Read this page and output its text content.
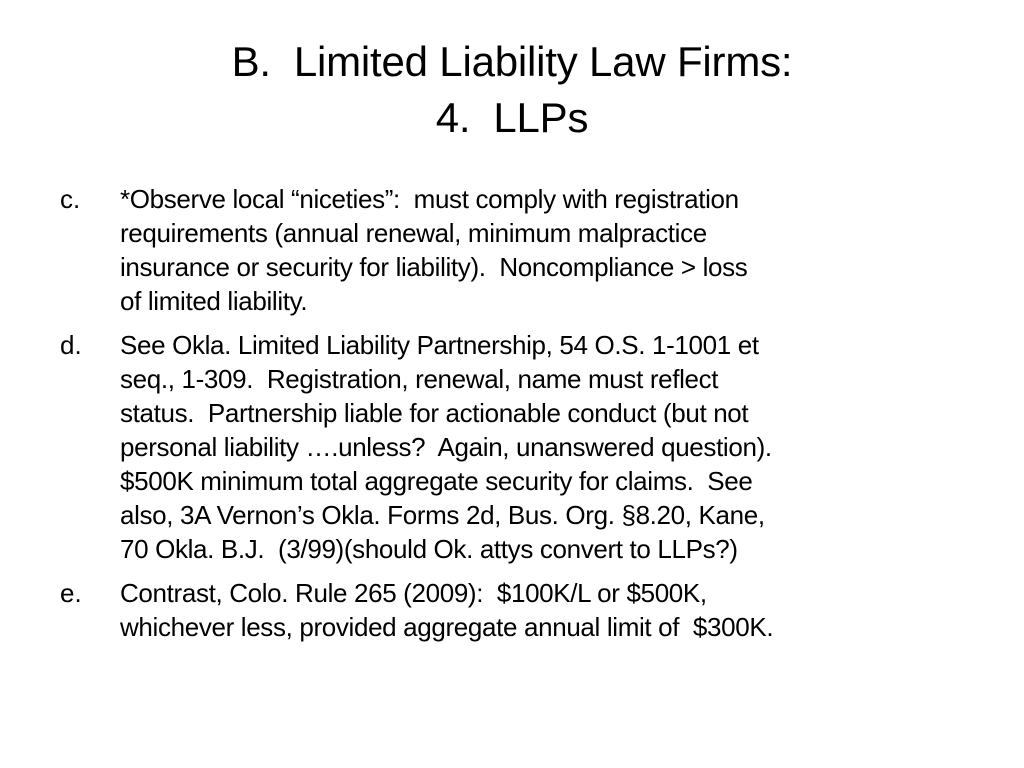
B.  Limited Liability Law Firms:
4.  LLPs
c.	*Observe local “niceties”:  must comply with registration
requirements (annual renewal, minimum malpractice
insurance or security for liability).  Noncompliance > loss
of limited liability.
d.	See Okla. Limited Liability Partnership, 54 O.S. 1-1001 et
seq., 1-309.  Registration, renewal, name must reflect
status.  Partnership liable for actionable conduct (but not
personal liability ….unless?  Again, unanswered question).
$500K minimum total aggregate security for claims.  See
also, 3A Vernon’s Okla. Forms 2d, Bus. Org. §8.20, Kane,
70 Okla. B.J.  (3/99)(should Ok. attys convert to LLPs?)
e.	Contrast, Colo. Rule 265 (2009):  $100K/L or $500K,
whichever less, provided aggregate annual limit of  $300K.
